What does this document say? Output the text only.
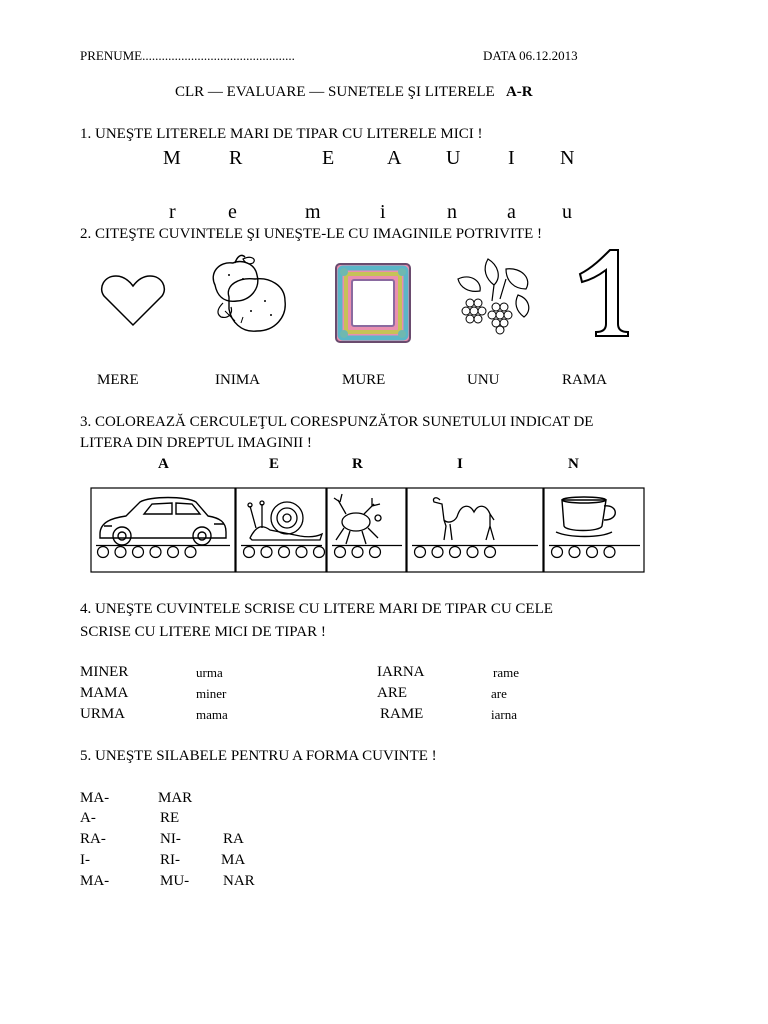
PRENUME...............................................	DATA 06.12.2013
CLR — EVALUARE — SUNETELE ŞI LITERELE A-R
1. UNEŞTE LITERELE MARI DE TIPAR CU LITERELE MICI !
M R	E	A U I N
r	e	m	i	n	a u
2. CITEŞTE CUVINTELE ŞI UNEŞTE-LE CU IMAGINILE POTRIVITE !
MERE	INIMA	MURE	UNU	RAMA
3. COLOREAZĂ CERCULEŢUL CORESPUNZĂTOR SUNETULUI INDICAT DE
LITERA DIN DREPTUL IMAGINII !
A	E	R	I	N
4. UNEŞTE CUVINTELE SCRISE CU LITERE MARI DE TIPAR CU CELE
SCRISE CU LITERE MICI DE TIPAR !
MINER	urma	IARNA	rame
MAMA	miner	ARE	are
URMA	mama	RAME	iarna
5. UNEŞTE SILABELE PENTRU A FORMA CUVINTE !
MA-	MAR
A-	RE
RA-	NI-	RA
I-	RI-	MA
MA-	MU- NAR
